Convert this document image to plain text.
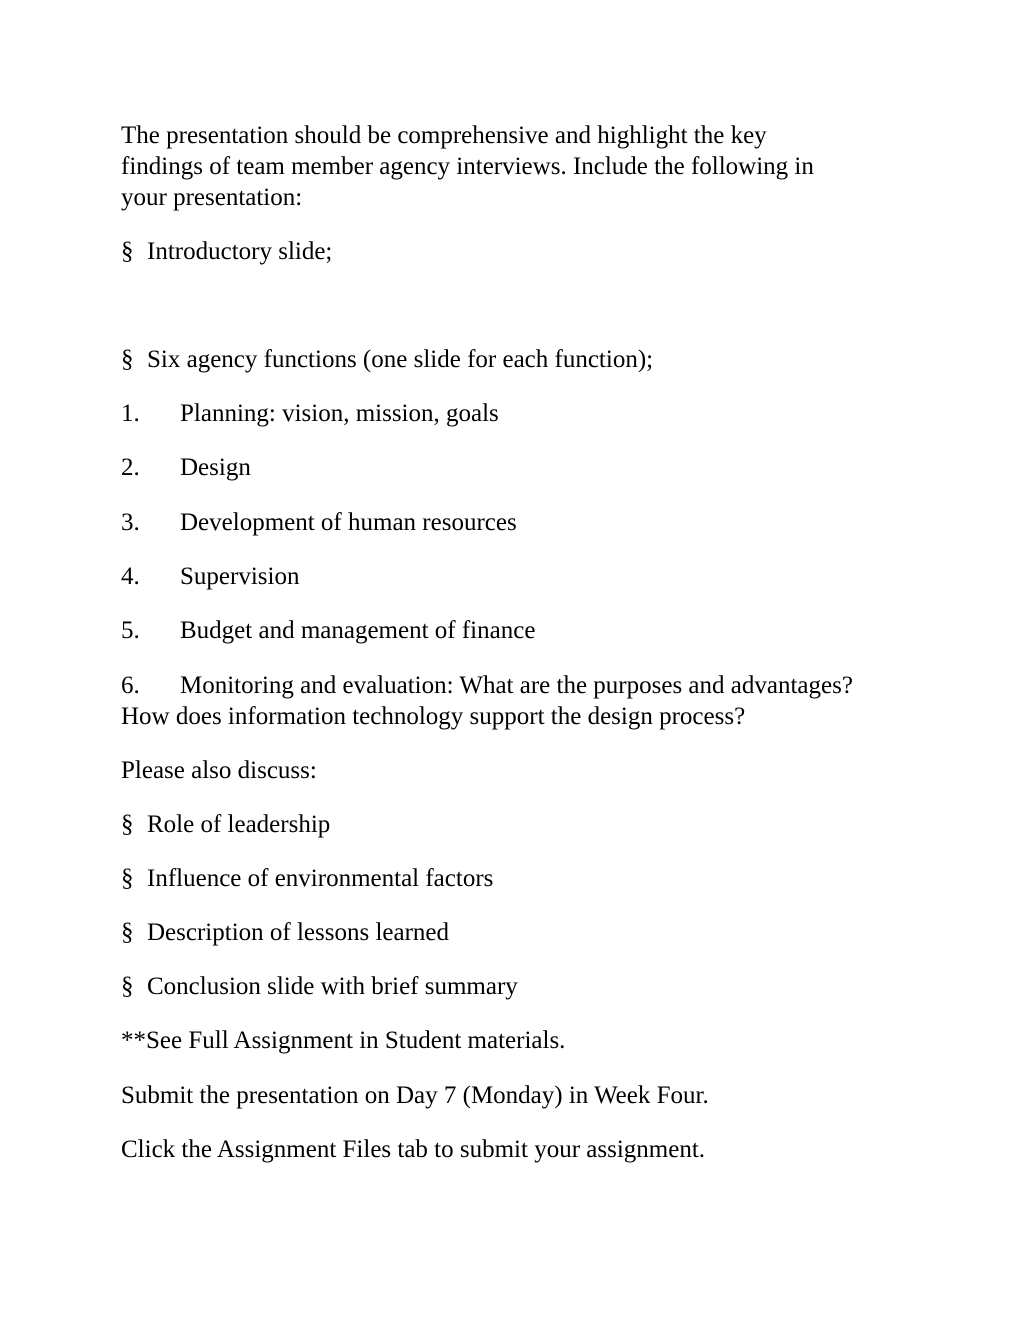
The presentation should be comprehensive and highlight the key

findings of team member agency interviews. Include the following in

your presentation:

§ Introductory slide;

§ Six agency functions (one slide for each function);

1. Planning: vision, mission, goals

2. Design

3. Development of human resources

4. Supervision

5. Budget and management of finance

6. Monitoring and evaluation: What are the purposes and advantages?

How does information technology support the design process?

Please also discuss:

§ Role of leadership

§ Influence of environmental factors

§ Description of lessons learned

§ Conclusion slide with brief summary

**See Full Assignment in Student materials.

Submit the presentation on Day 7 (Monday) in Week Four.

Click the Assignment Files tab to submit your assignment.
